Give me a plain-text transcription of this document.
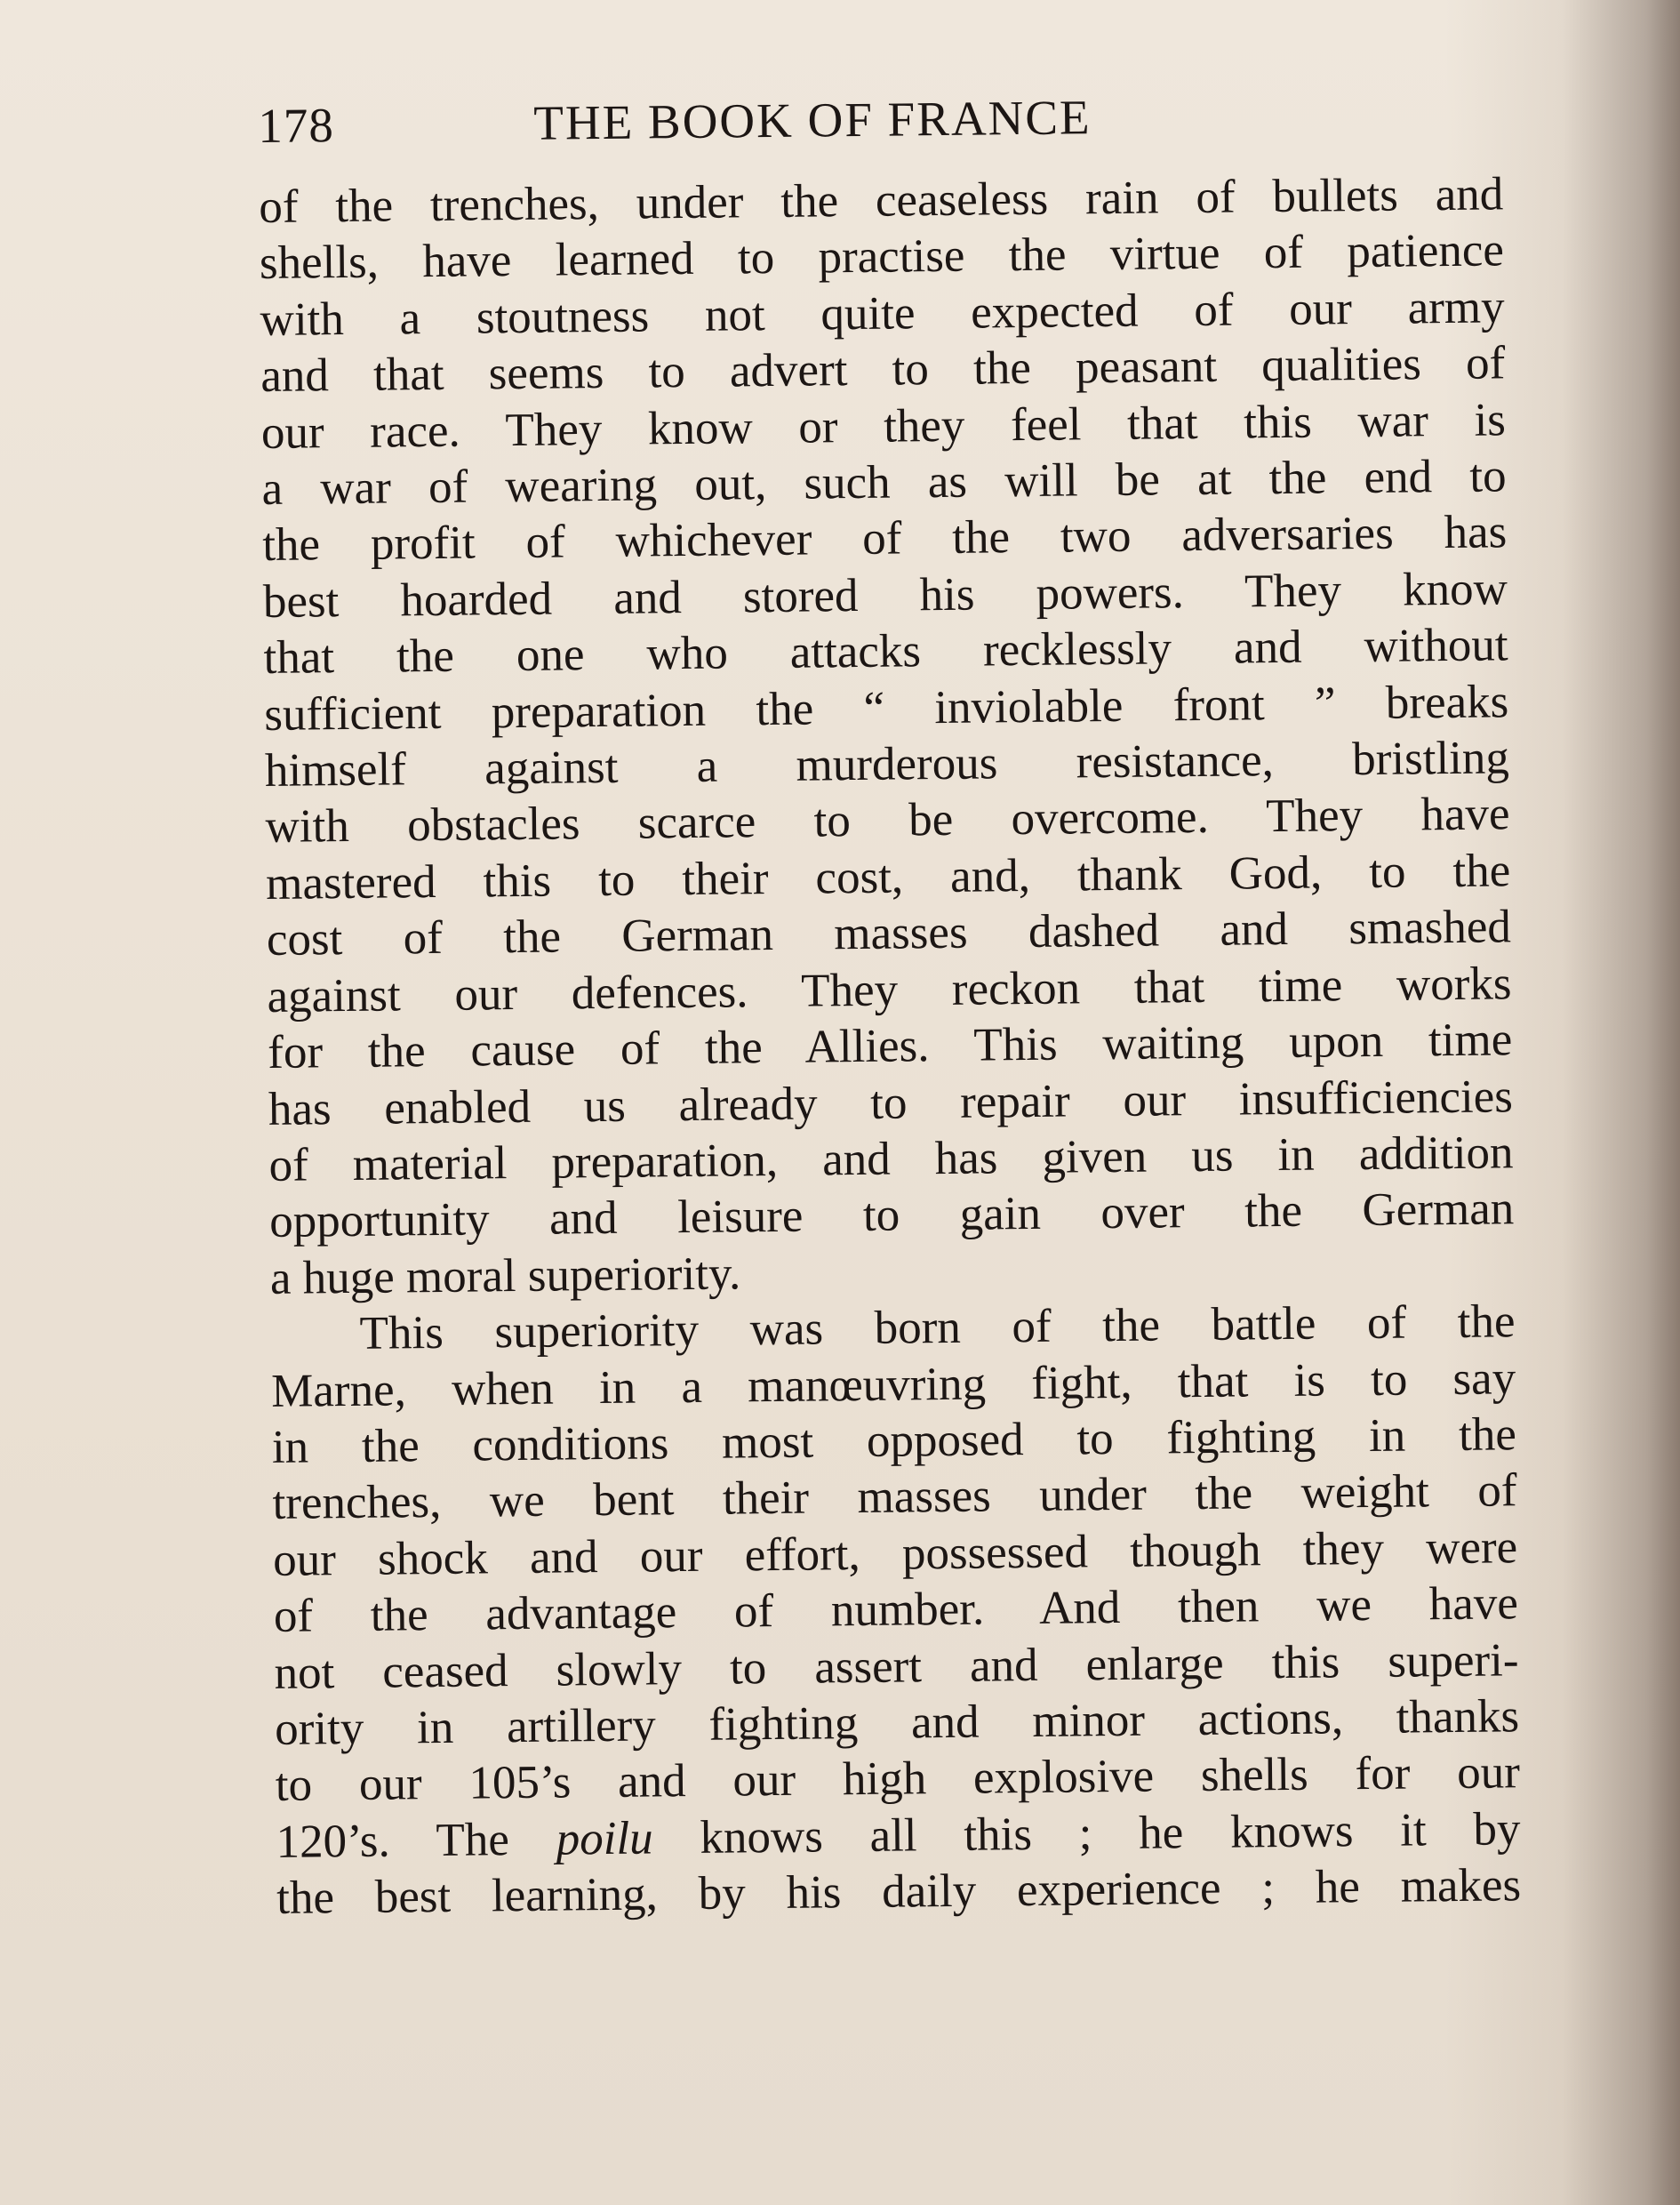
178	THE BOOK OF FRANCE
of the trenches, under the ceaseless rain of bullets and
shells, have learned to practise the virtue of patience
with a stoutness not quite expected of our army
and that seems to advert to the peasant qualities of
our race. They know or they feel that this war is
a war of wearing out, such as will be at the end to
the profit of whichever of the two adversaries has
best hoarded and stored his powers. They know
that the one who attacks recklessly and without
sufficient preparation the “ inviolable front ” breaks
himself against a murderous resistance, bristling
with obstacles scarce to be overcome. They have
mastered this to their cost, and, thank God, to the
cost of the German masses dashed and smashed
against our defences. They reckon that time works
for the cause of the Allies. This waiting upon time
has enabled us already to repair our insufficiencies
of material preparation, and has given us in addition
opportunity and leisure to gain over the German
a huge moral superiority.
This superiority was born of the battle of the
Marne, when in a manœuvring fight, that is to say
in the conditions most opposed to fighting in the
trenches, we bent their masses under the weight of
our shock and our effort, possessed though they were
of the advantage of number. And then we have
not ceased slowly to assert and enlarge this superi-
ority in artillery fighting and minor actions, thanks
to our 105’s and our high explosive shells for our
120’s. The poilu knows all this ; he knows it by
the best learning, by his daily experience ; he makes
